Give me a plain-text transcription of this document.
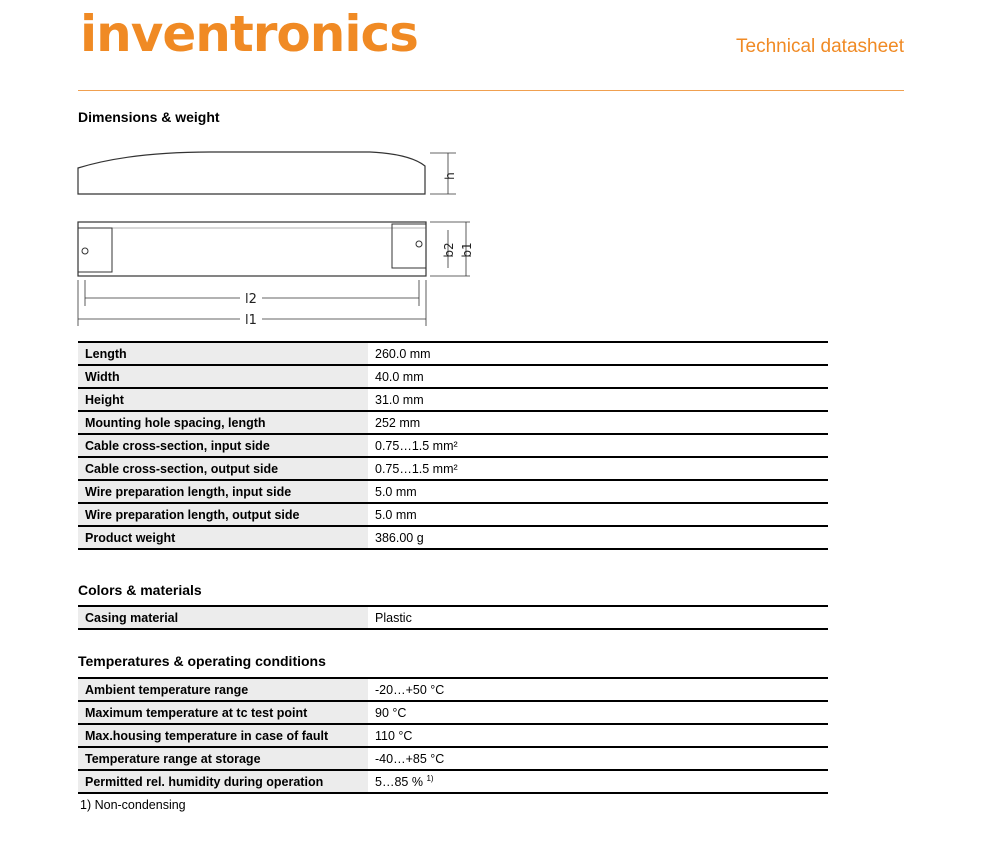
inventronics	Technical datasheet
Dimensions & weight
h
b2 b1
l2
l1
Length	260.0 mm
Width	40.0 mm
Height	31.0 mm
Mounting hole spacing, length	252 mm
Cable cross-section, input side	0.75…1.5 mm²
Cable cross-section, output side	0.75…1.5 mm²
Wire preparation length, input side	5.0 mm
Wire preparation length, output side	5.0 mm
Product weight	386.00 g
Colors & materials
Casing material	Plastic
Temperatures & operating conditions
Ambient temperature range	-20…+50 °C
Maximum temperature at tc test point	90 °C
Max.housing temperature in case of fault	110 °C
Temperature range at storage	-40…+85 °C
Permitted rel. humidity during operation	5…85 % $^{1)}$
1) Non-condensing
